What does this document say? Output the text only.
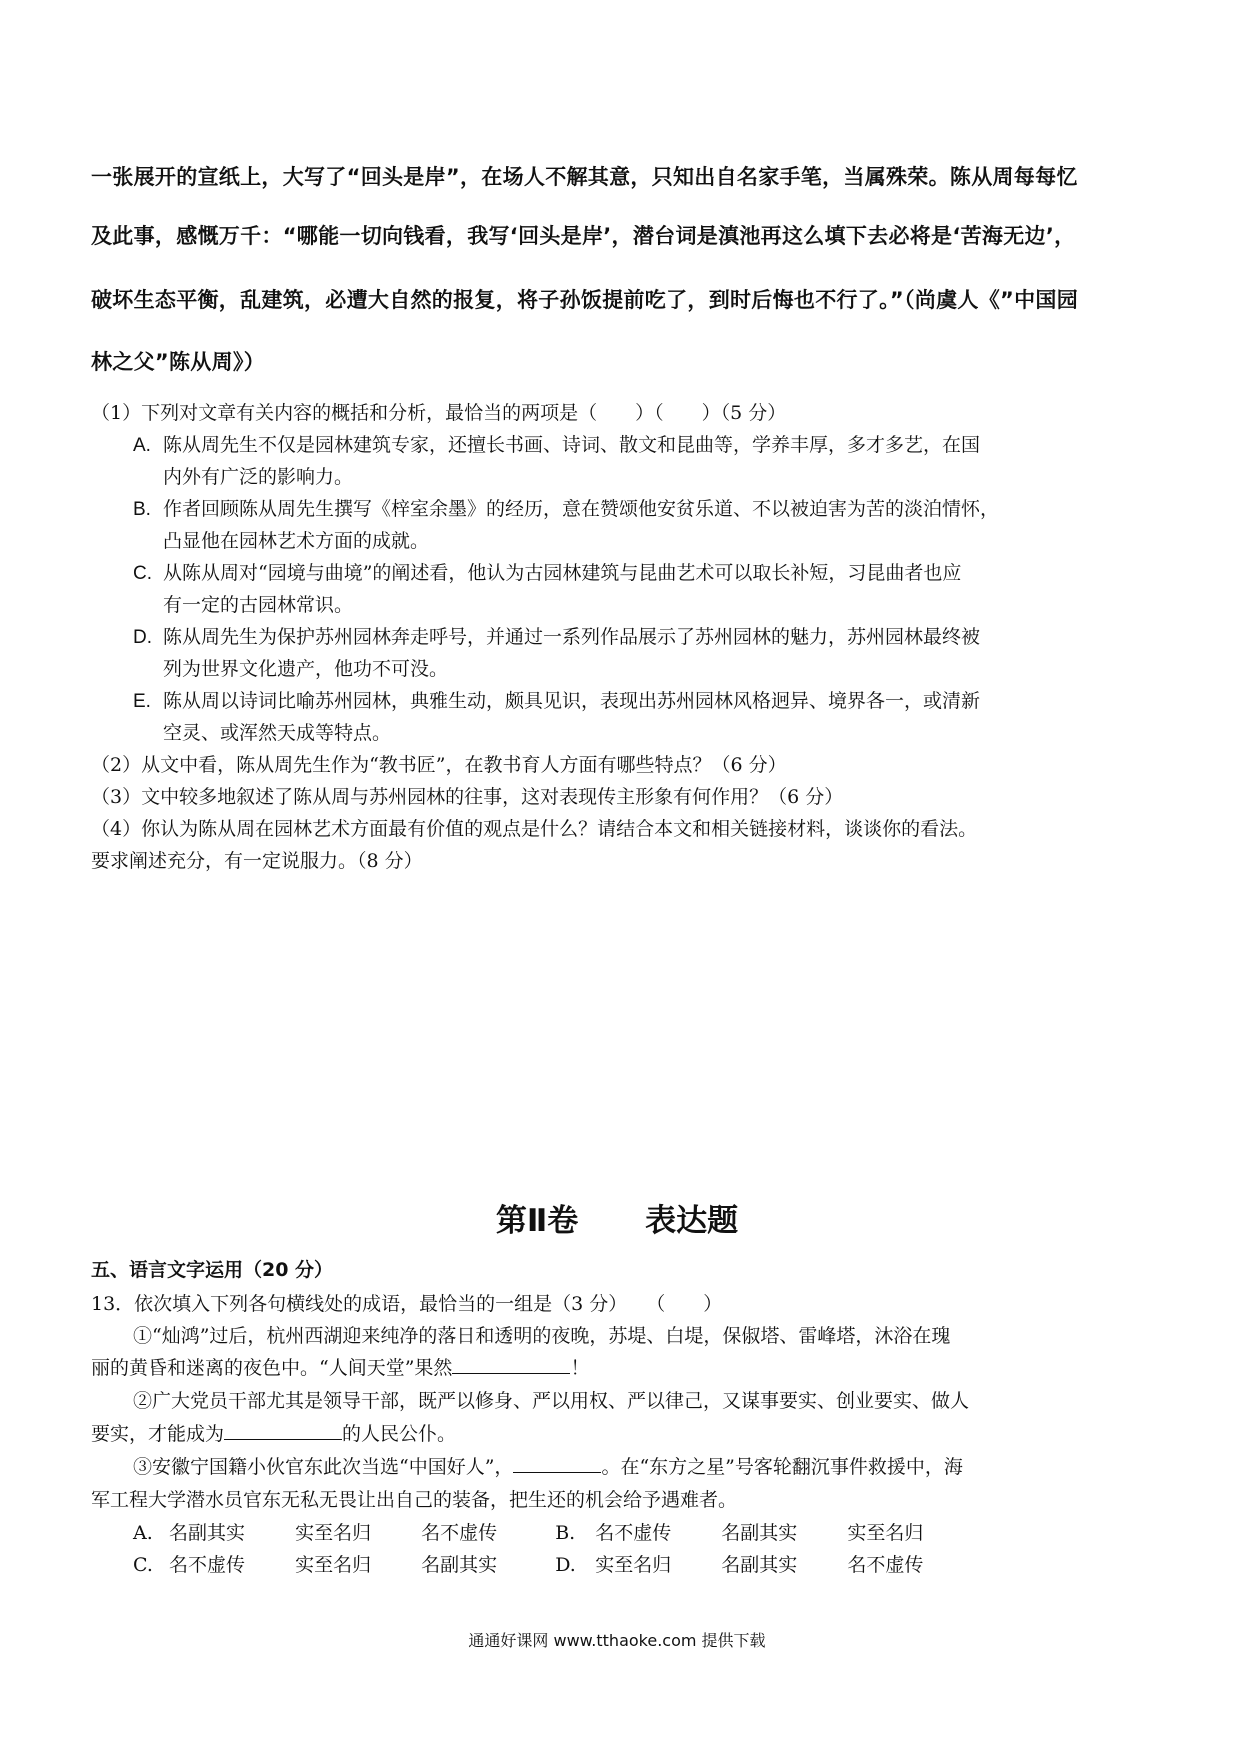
一张展开的宣纸上，大写了“回头是岸”，在场人不解其意，只知出自名家手笔，当属殊荣。陈从周每每忆

及此事，感慨万千：“哪能一切向钱看，我写‘回头是岸’，潜台词是滇池再这么填下去必将是‘苦海无边’，

破坏生态平衡，乱建筑，必遭大自然的报复，将子孙饭提前吃了，到时后悔也不行了。”（尚虞人《”中国园

林之父”陈从周》）

（1）下列对文章有关内容的概括和分析，最恰当的两项是（　　）（　　）（5 分）
A. 陈从周先生不仅是园林建筑专家，还擅长书画、诗词、散文和昆曲等，学养丰厚，多才多艺，在国
内外有广泛的影响力。
B. 作者回顾陈从周先生撰写《梓室余墨》的经历，意在赞颂他安贫乐道、不以被迫害为苦的淡泊情怀，
凸显他在园林艺术方面的成就。
C. 从陈从周对“园境与曲境”的阐述看，他认为古园林建筑与昆曲艺术可以取长补短，习昆曲者也应
有一定的古园林常识。
D. 陈从周先生为保护苏州园林奔走呼号，并通过一系列作品展示了苏州园林的魅力，苏州园林最终被
列为世界文化遗产，他功不可没。
E. 陈从周以诗词比喻苏州园林，典雅生动，颇具见识，表现出苏州园林风格迥异、境界各一，或清新
空灵、或浑然天成等特点。
（2）从文中看，陈从周先生作为“教书匠”，在教书育人方面有哪些特点？（6 分）
（3）文中较多地叙述了陈从周与苏州园林的往事，这对表现传主形象有何作用？（6 分）
（4）你认为陈从周在园林艺术方面最有价值的观点是什么？请结合本文和相关链接材料，谈谈你的看法。
要求阐述充分，有一定说服力。（8 分）
第Ⅱ卷 表达题
五、语言文字运用（20 分）
13．依次填入下列各句横线处的成语，最恰当的一组是（3 分）　　（　　）
①“灿鸿”过后，杭州西湖迎来纯净的落日和透明的夜晚，苏堤、白堤，保俶塔、雷峰塔，沐浴在瑰
丽的黄昏和迷离的夜色中。“人间天堂”果然	！
②广大党员干部尤其是领导干部，既严以修身、严以用权、严以律己，又谋事要实、创业要实、做人
要实，才能成为	的人民公仆。
③安徽宁国籍小伙官东此次当选“中国好人”，	。在“东方之星”号客轮翻沉事件救援中，海
军工程大学潜水员官东无私无畏让出自己的装备，把生还的机会给予遇难者。
A. 名副其实	实至名归	名不虚传	B. 名不虚传	名副其实	实至名归
C. 名不虚传	实至名归	名副其实	D. 实至名归	名副其实	名不虚传
通通好课网 www.tthaoke.com 提供下载
